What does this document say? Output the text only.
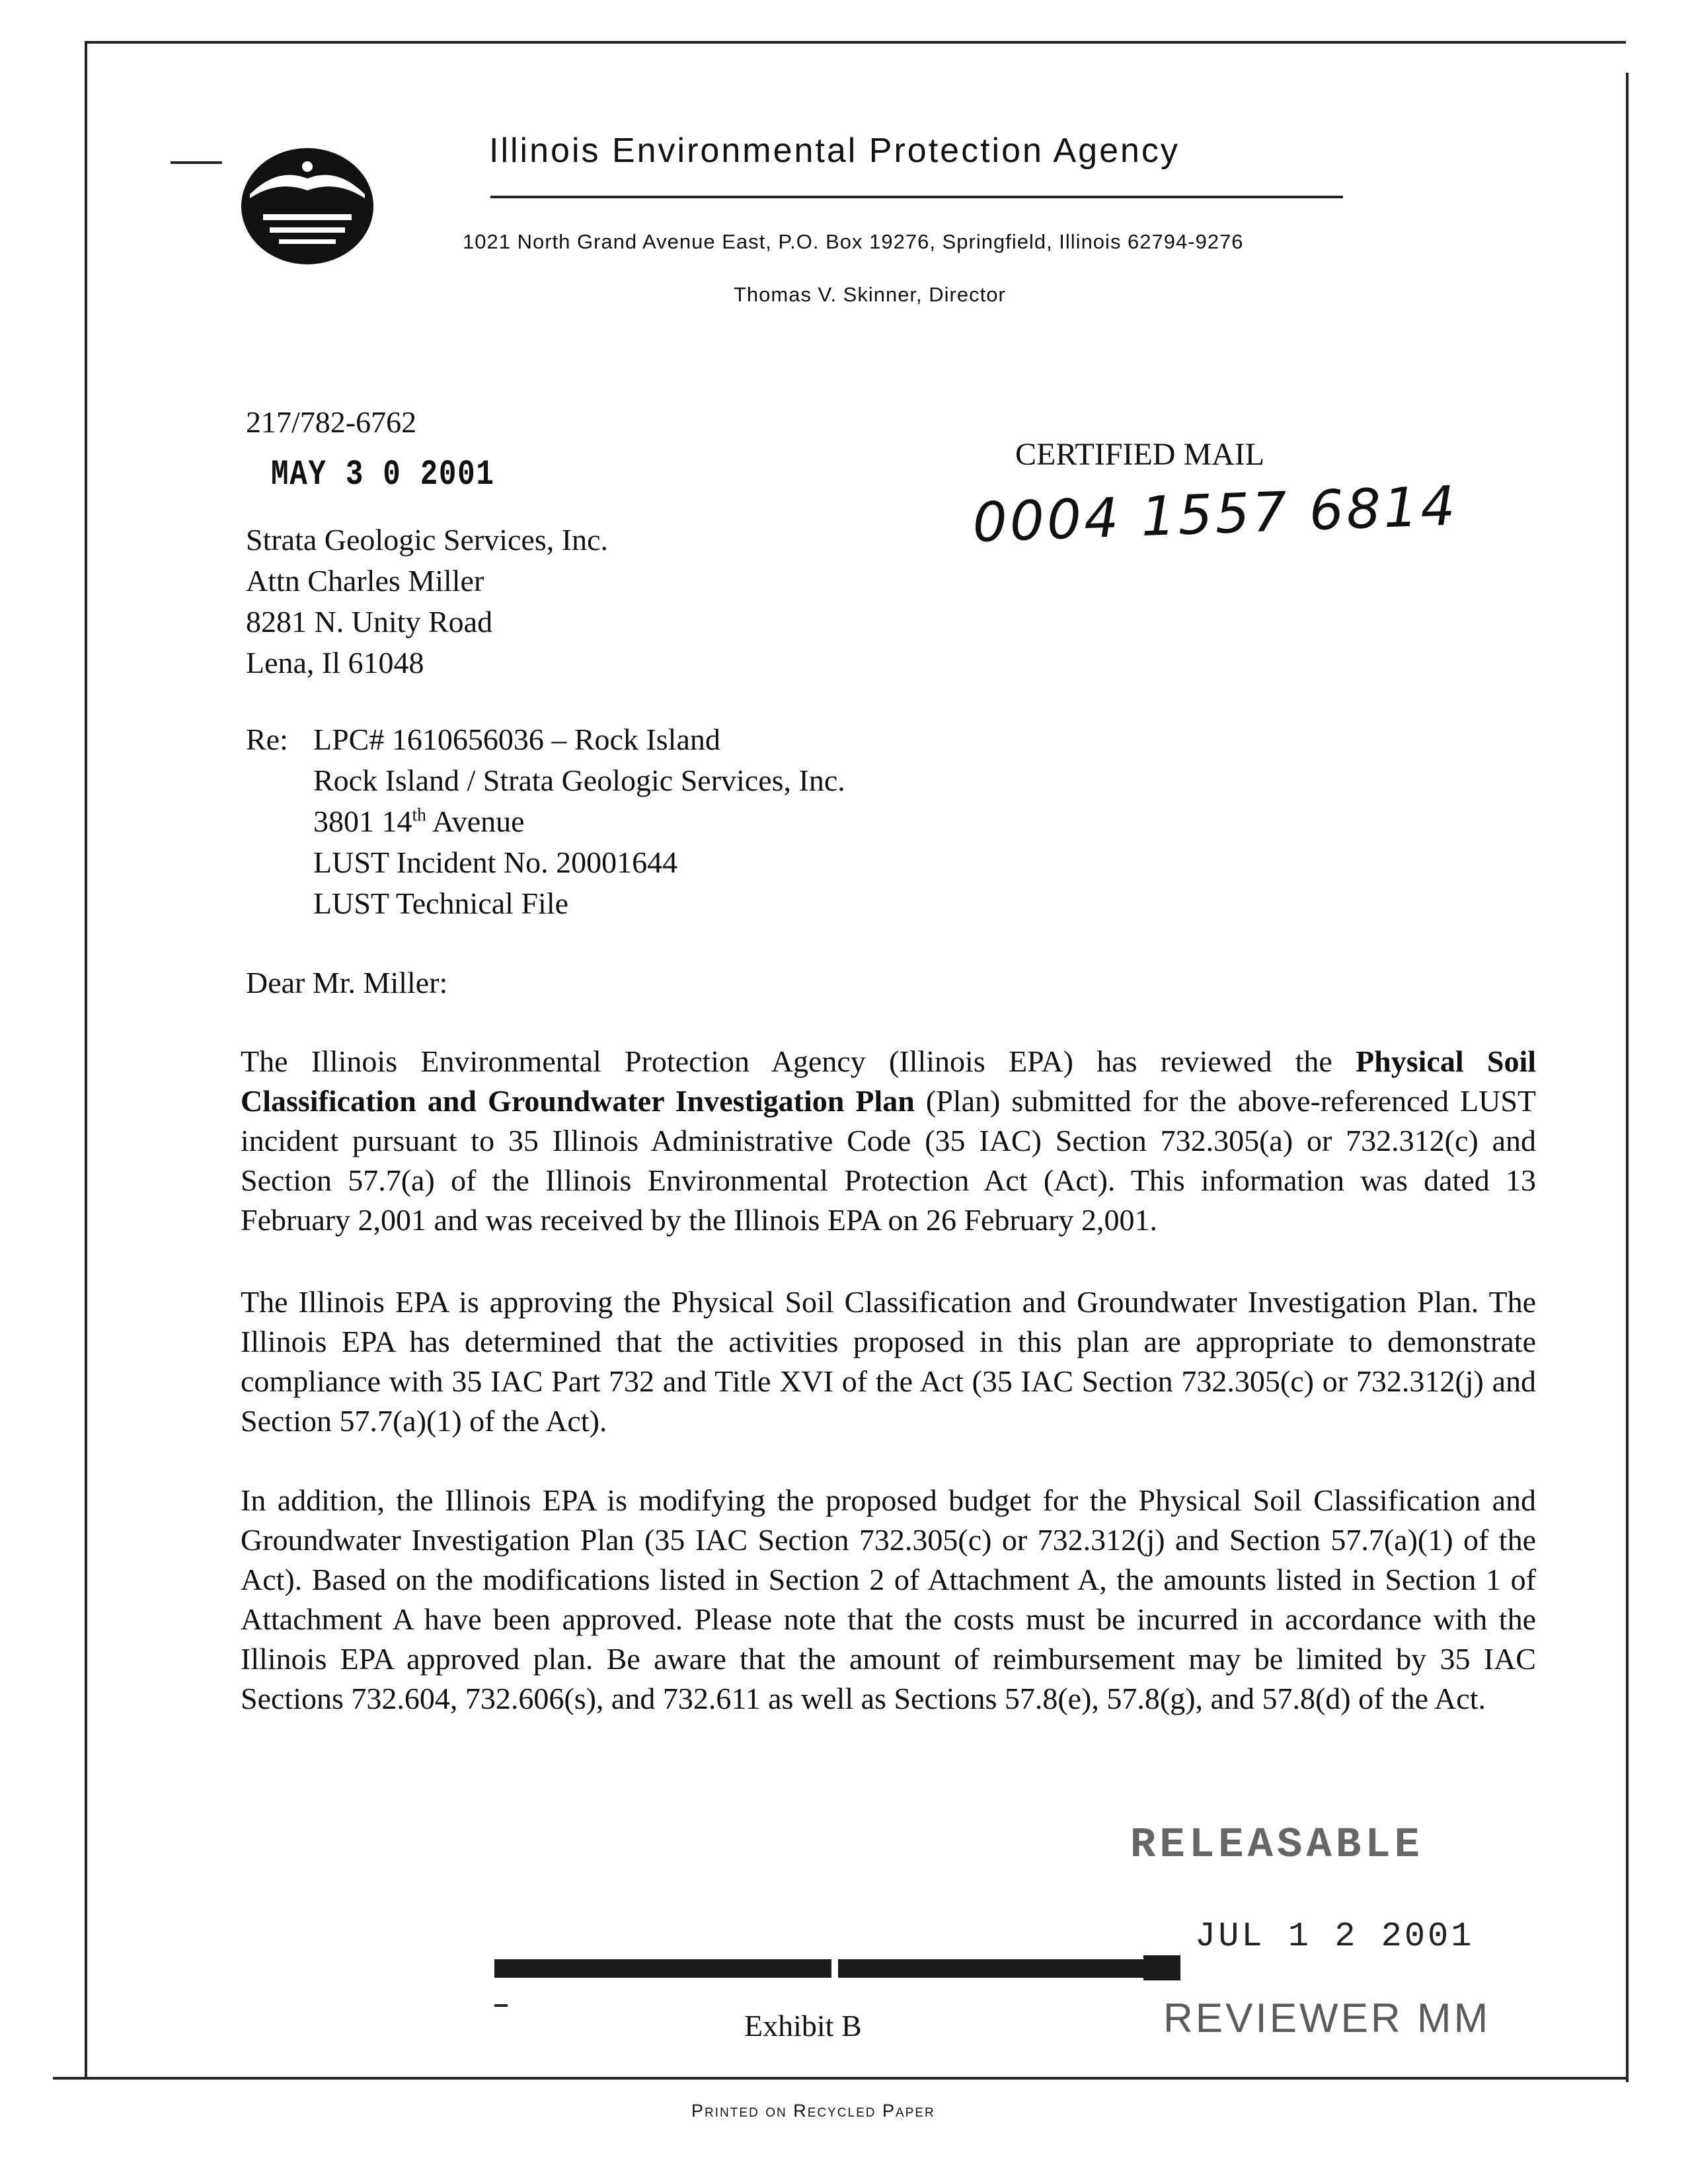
Illinois Environmental Protection Agency
1021 North Grand Avenue East, P.O. Box 19276, Springfield, Illinois 62794-9276
Thomas V. Skinner, Director
217/782-6762
MAY 3 0 2001
CERTIFIED MAIL
0004 1557 6814
Strata Geologic Services, Inc.
Attn Charles Miller
8281 N. Unity Road
Lena, Il 61048
Re: LPC# 1610656036 – Rock Island
Rock Island / Strata Geologic Services, Inc.
3801 14th Avenue
LUST Incident No. 20001644
LUST Technical File
Dear Mr. Miller:
The Illinois Environmental Protection Agency (Illinois EPA) has reviewed the Physical Soil Classification and Groundwater Investigation Plan (Plan) submitted for the above-referenced LUST incident pursuant to 35 Illinois Administrative Code (35 IAC) Section 732.305(a) or 732.312(c) and Section 57.7(a) of the Illinois Environmental Protection Act (Act). This information was dated 13 February 2,001 and was received by the Illinois EPA on 26 February 2,001.
The Illinois EPA is approving the Physical Soil Classification and Groundwater Investigation Plan. The Illinois EPA has determined that the activities proposed in this plan are appropriate to demonstrate compliance with 35 IAC Part 732 and Title XVI of the Act (35 IAC Section 732.305(c) or 732.312(j) and Section 57.7(a)(1) of the Act).
In addition, the Illinois EPA is modifying the proposed budget for the Physical Soil Classification and Groundwater Investigation Plan (35 IAC Section 732.305(c) or 732.312(j) and Section 57.7(a)(1) of the Act). Based on the modifications listed in Section 2 of Attachment A, the amounts listed in Section 1 of Attachment A have been approved. Please note that the costs must be incurred in accordance with the Illinois EPA approved plan. Be aware that the amount of reimbursement may be limited by 35 IAC Sections 732.604, 732.606(s), and 732.611 as well as Sections 57.8(e), 57.8(g), and 57.8(d) of the Act.
RELEASABLE
JUL 1 2 2001
REVIEWER MM
Exhibit B
Printed on Recycled Paper
